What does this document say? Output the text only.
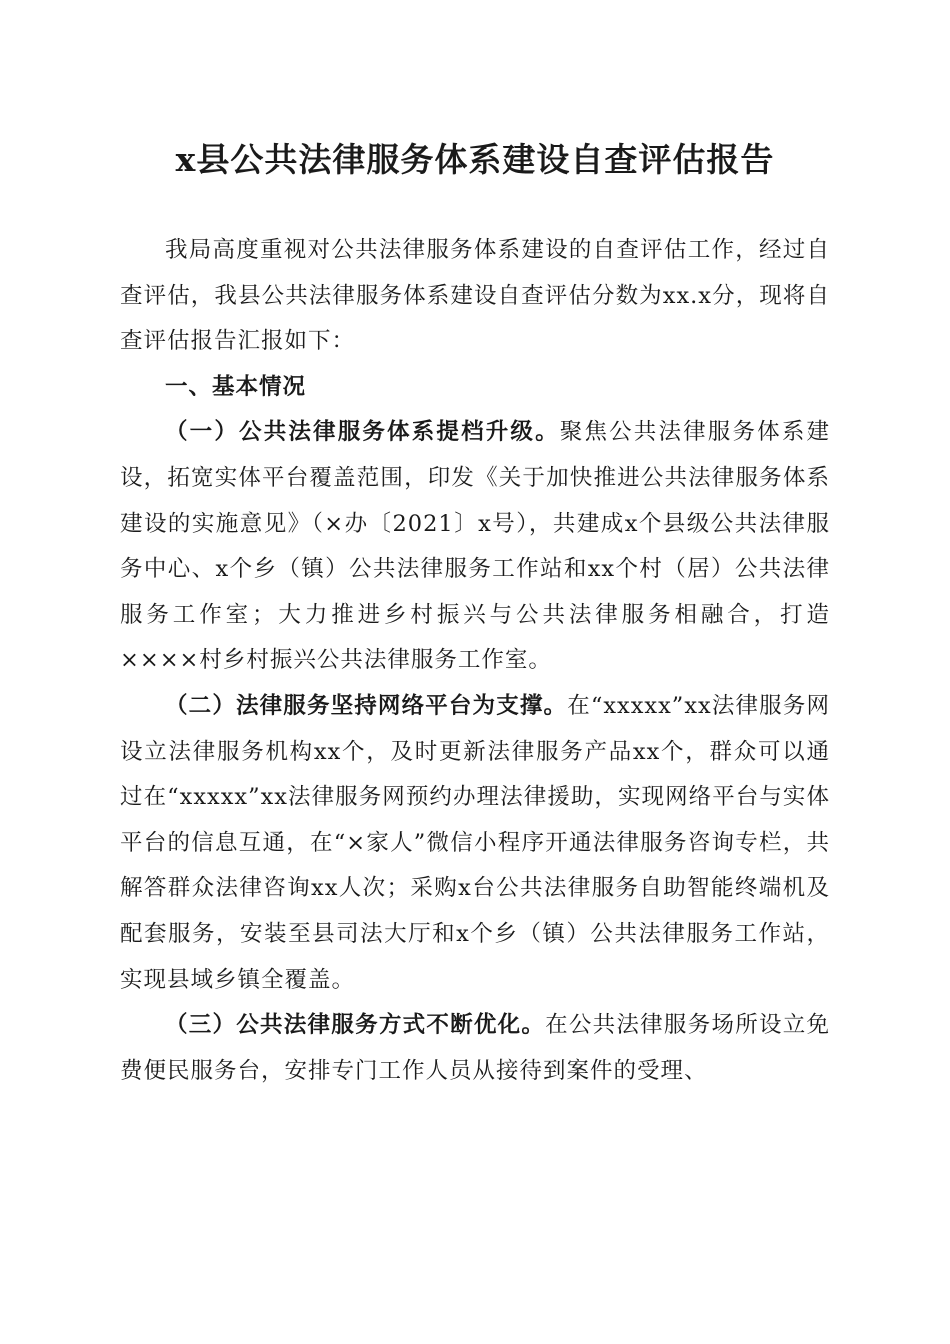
x县公共法律服务体系建设自查评估报告

我局高度重视对公共法律服务体系建设的自查评估工作，经过自查评估，我县公共法律服务体系建设自查评估分数为xx.x分，现将自查评估报告汇报如下：

一、基本情况

（一）公共法律服务体系提档升级。聚焦公共法律服务体系建设，拓宽实体平台覆盖范围，印发《关于加快推进公共法律服务体系建设的实施意见》（×办〔2021〕x号），共建成x个县级公共法律服务中心、x个乡（镇）公共法律服务工作站和xx个村（居）公共法律服务工作室；大力推进乡村振兴与公共法律服务相融合，打造××××村乡村振兴公共法律服务工作室。

（二）法律服务坚持网络平台为支撑。在“xxxxx”xx法律服务网设立法律服务机构xx个，及时更新法律服务产品xx个，群众可以通过在“xxxxx”xx法律服务网预约办理法律援助，实现网络平台与实体平台的信息互通，在“×家人”微信小程序开通法律服务咨询专栏，共解答群众法律咨询xx人次；采购x台公共法律服务自助智能终端机及配套服务，安装至县司法大厅和x个乡（镇）公共法律服务工作站，实现县域乡镇全覆盖。

（三）公共法律服务方式不断优化。在公共法律服务场所设立免费便民服务台，安排专门工作人员从接待到案件的受理、
